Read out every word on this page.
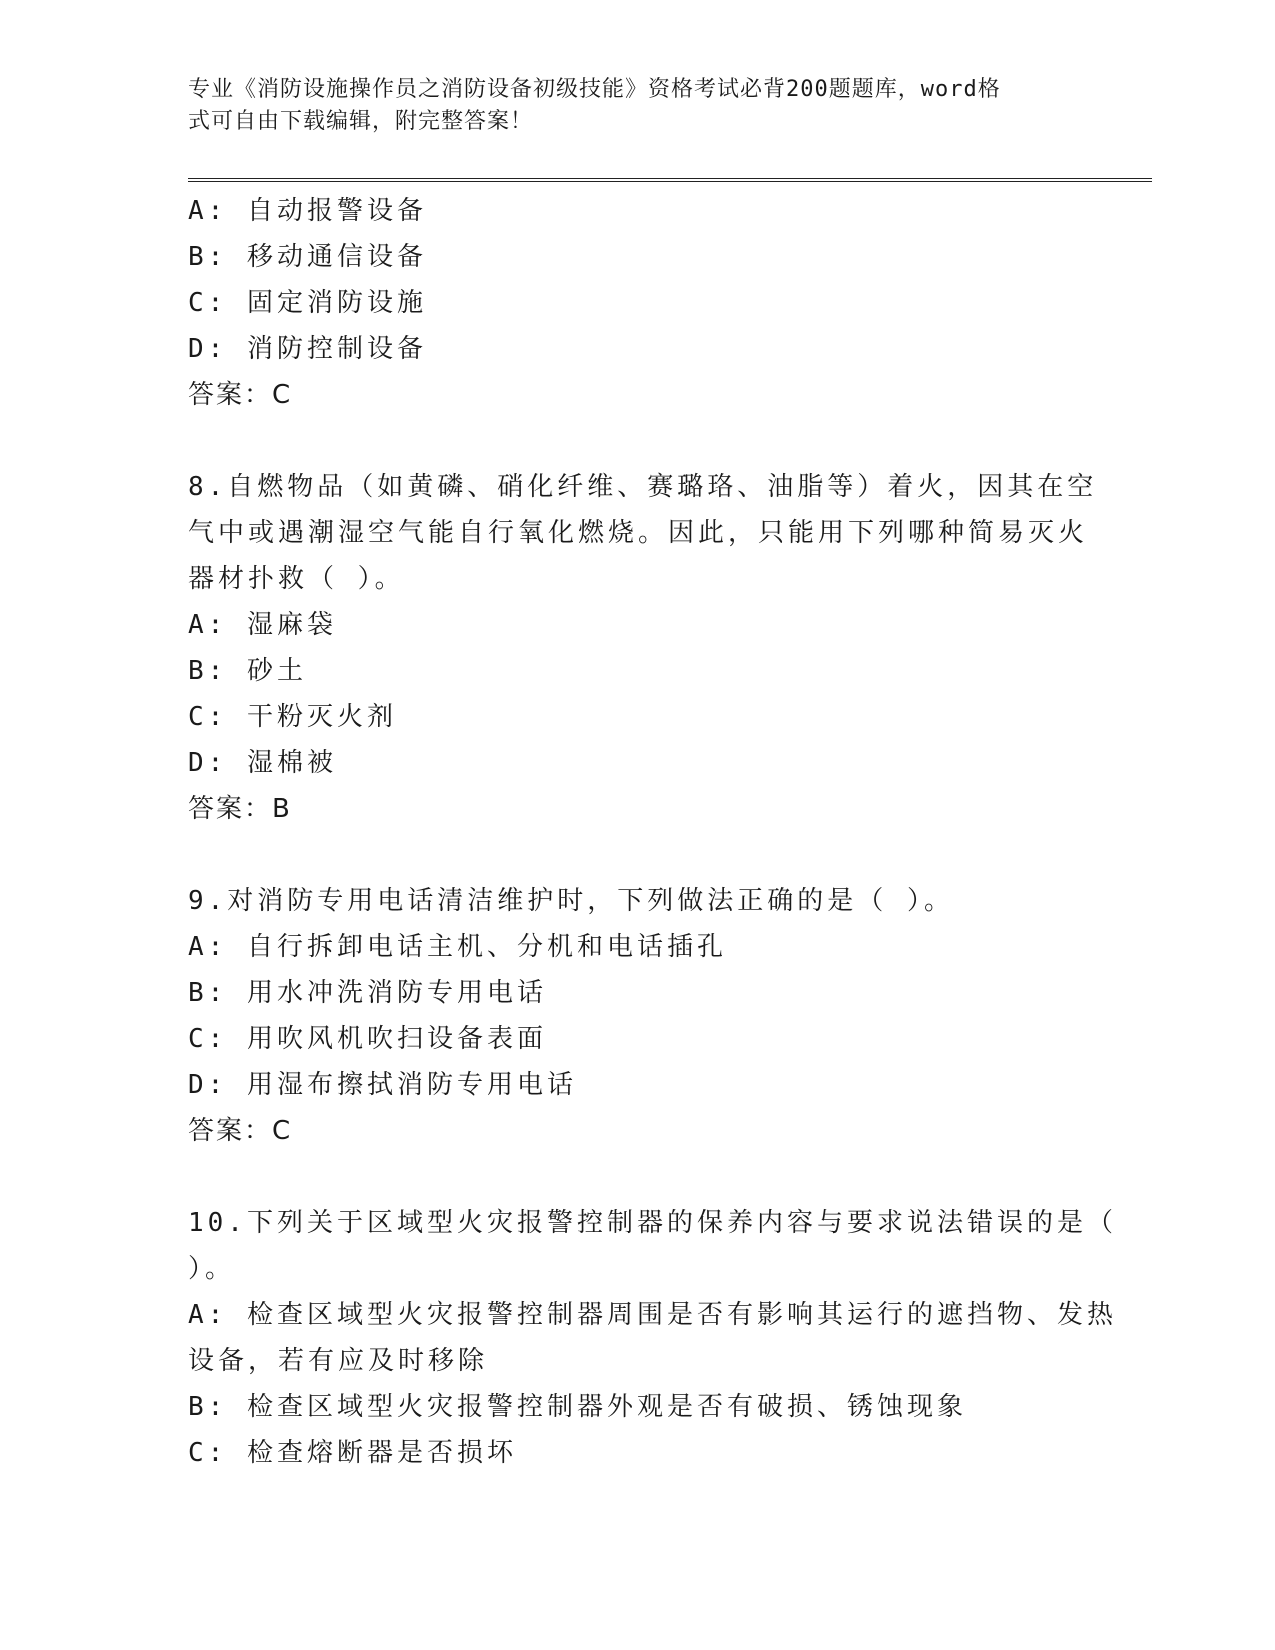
专业《消防设施操作员之消防设备初级技能》资格考试必背200题题库，word格
式可自由下载编辑，附完整答案！
A: 自动报警设备
B: 移动通信设备
C: 固定消防设施
D: 消防控制设备
答案：C
8.自燃物品（如黄磷、硝化纤维、赛璐珞、油脂等）着火，因其在空
气中或遇潮湿空气能自行氧化燃烧。因此，只能用下列哪种简易灭火
器材扑救（ ）。
A: 湿麻袋
B: 砂土
C: 干粉灭火剂
D: 湿棉被
答案：B
9.对消防专用电话清洁维护时，下列做法正确的是（ ）。
A: 自行拆卸电话主机、分机和电话插孔
B: 用水冲洗消防专用电话
C: 用吹风机吹扫设备表面
D: 用湿布擦拭消防专用电话
答案：C
10.下列关于区域型火灾报警控制器的保养内容与要求说法错误的是（
）。
A: 检查区域型火灾报警控制器周围是否有影响其运行的遮挡物、发热
设备，若有应及时移除
B: 检查区域型火灾报警控制器外观是否有破损、锈蚀现象
C: 检查熔断器是否损坏
